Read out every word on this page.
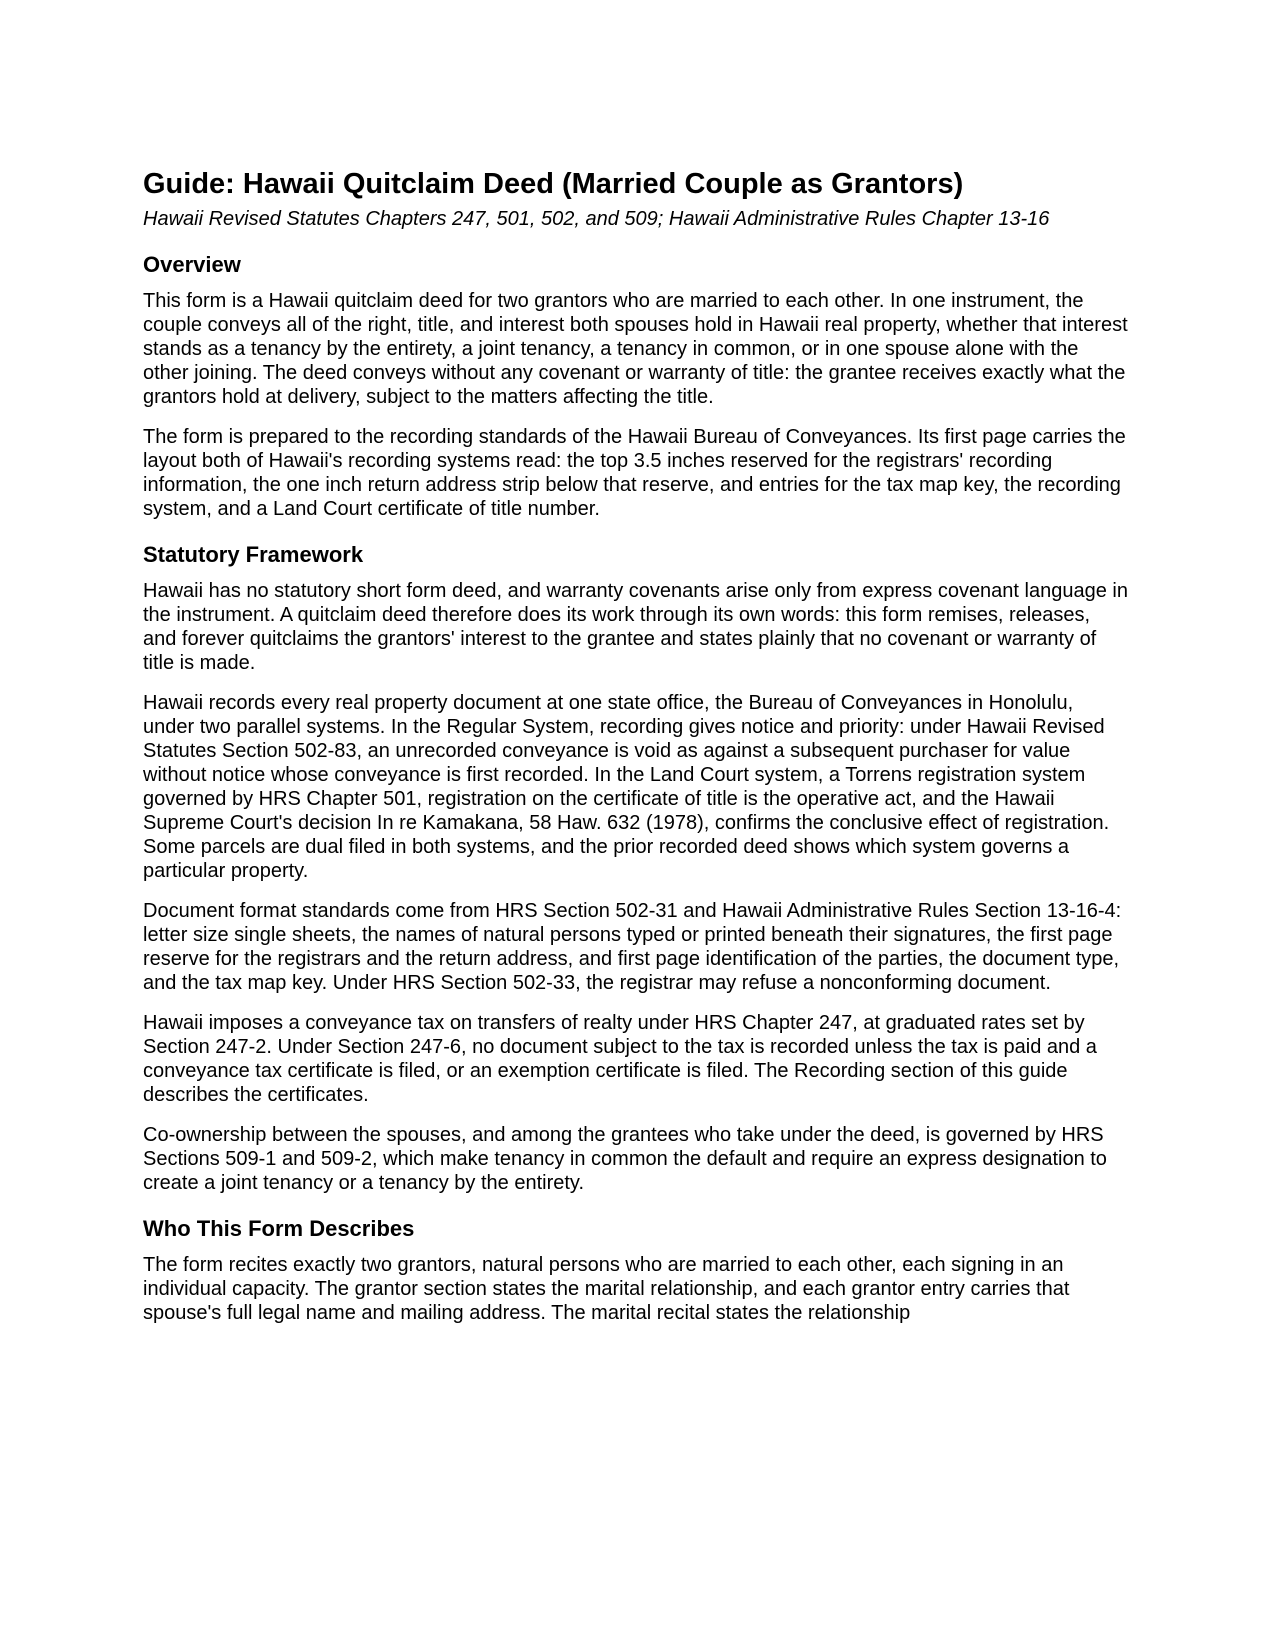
Guide: Hawaii Quitclaim Deed (Married Couple as Grantors)
Hawaii Revised Statutes Chapters 247, 501, 502, and 509; Hawaii Administrative Rules Chapter 13-16
Overview

This form is a Hawaii quitclaim deed for two grantors who are married to each other. In one instrument, the couple conveys all of the right, title, and interest both spouses hold in Hawaii real property, whether that interest stands as a tenancy by the entirety, a joint tenancy, a tenancy in common, or in one spouse alone with the other joining. The deed conveys without any covenant or warranty of title: the grantee receives exactly what the grantors hold at delivery, subject to the matters affecting the title.

The form is prepared to the recording standards of the Hawaii Bureau of Conveyances. Its first page carries the layout both of Hawaii's recording systems read: the top 3.5 inches reserved for the registrars' recording information, the one inch return address strip below that reserve, and entries for the tax map key, the recording system, and a Land Court certificate of title number.

Statutory Framework

Hawaii has no statutory short form deed, and warranty covenants arise only from express covenant language in the instrument. A quitclaim deed therefore does its work through its own words: this form remises, releases, and forever quitclaims the grantors' interest to the grantee and states plainly that no covenant or warranty of title is made.

Hawaii records every real property document at one state office, the Bureau of Conveyances in Honolulu, under two parallel systems. In the Regular System, recording gives notice and priority: under Hawaii Revised Statutes Section 502-83, an unrecorded conveyance is void as against a subsequent purchaser for value without notice whose conveyance is first recorded. In the Land Court system, a Torrens registration system governed by HRS Chapter 501, registration on the certificate of title is the operative act, and the Hawaii Supreme Court's decision In re Kamakana, 58 Haw. 632 (1978), confirms the conclusive effect of registration. Some parcels are dual filed in both systems, and the prior recorded deed shows which system governs a particular property.

Document format standards come from HRS Section 502-31 and Hawaii Administrative Rules Section 13-16-4: letter size single sheets, the names of natural persons typed or printed beneath their signatures, the first page reserve for the registrars and the return address, and first page identification of the parties, the document type, and the tax map key. Under HRS Section 502-33, the registrar may refuse a nonconforming document.

Hawaii imposes a conveyance tax on transfers of realty under HRS Chapter 247, at graduated rates set by Section 247-2. Under Section 247-6, no document subject to the tax is recorded unless the tax is paid and a conveyance tax certificate is filed, or an exemption certificate is filed. The Recording section of this guide describes the certificates.

Co-ownership between the spouses, and among the grantees who take under the deed, is governed by HRS Sections 509-1 and 509-2, which make tenancy in common the default and require an express designation to create a joint tenancy or a tenancy by the entirety.

Who This Form Describes

The form recites exactly two grantors, natural persons who are married to each other, each signing in an individual capacity. The grantor section states the marital relationship, and each grantor entry carries that spouse's full legal name and mailing address. The marital recital states the relationship
